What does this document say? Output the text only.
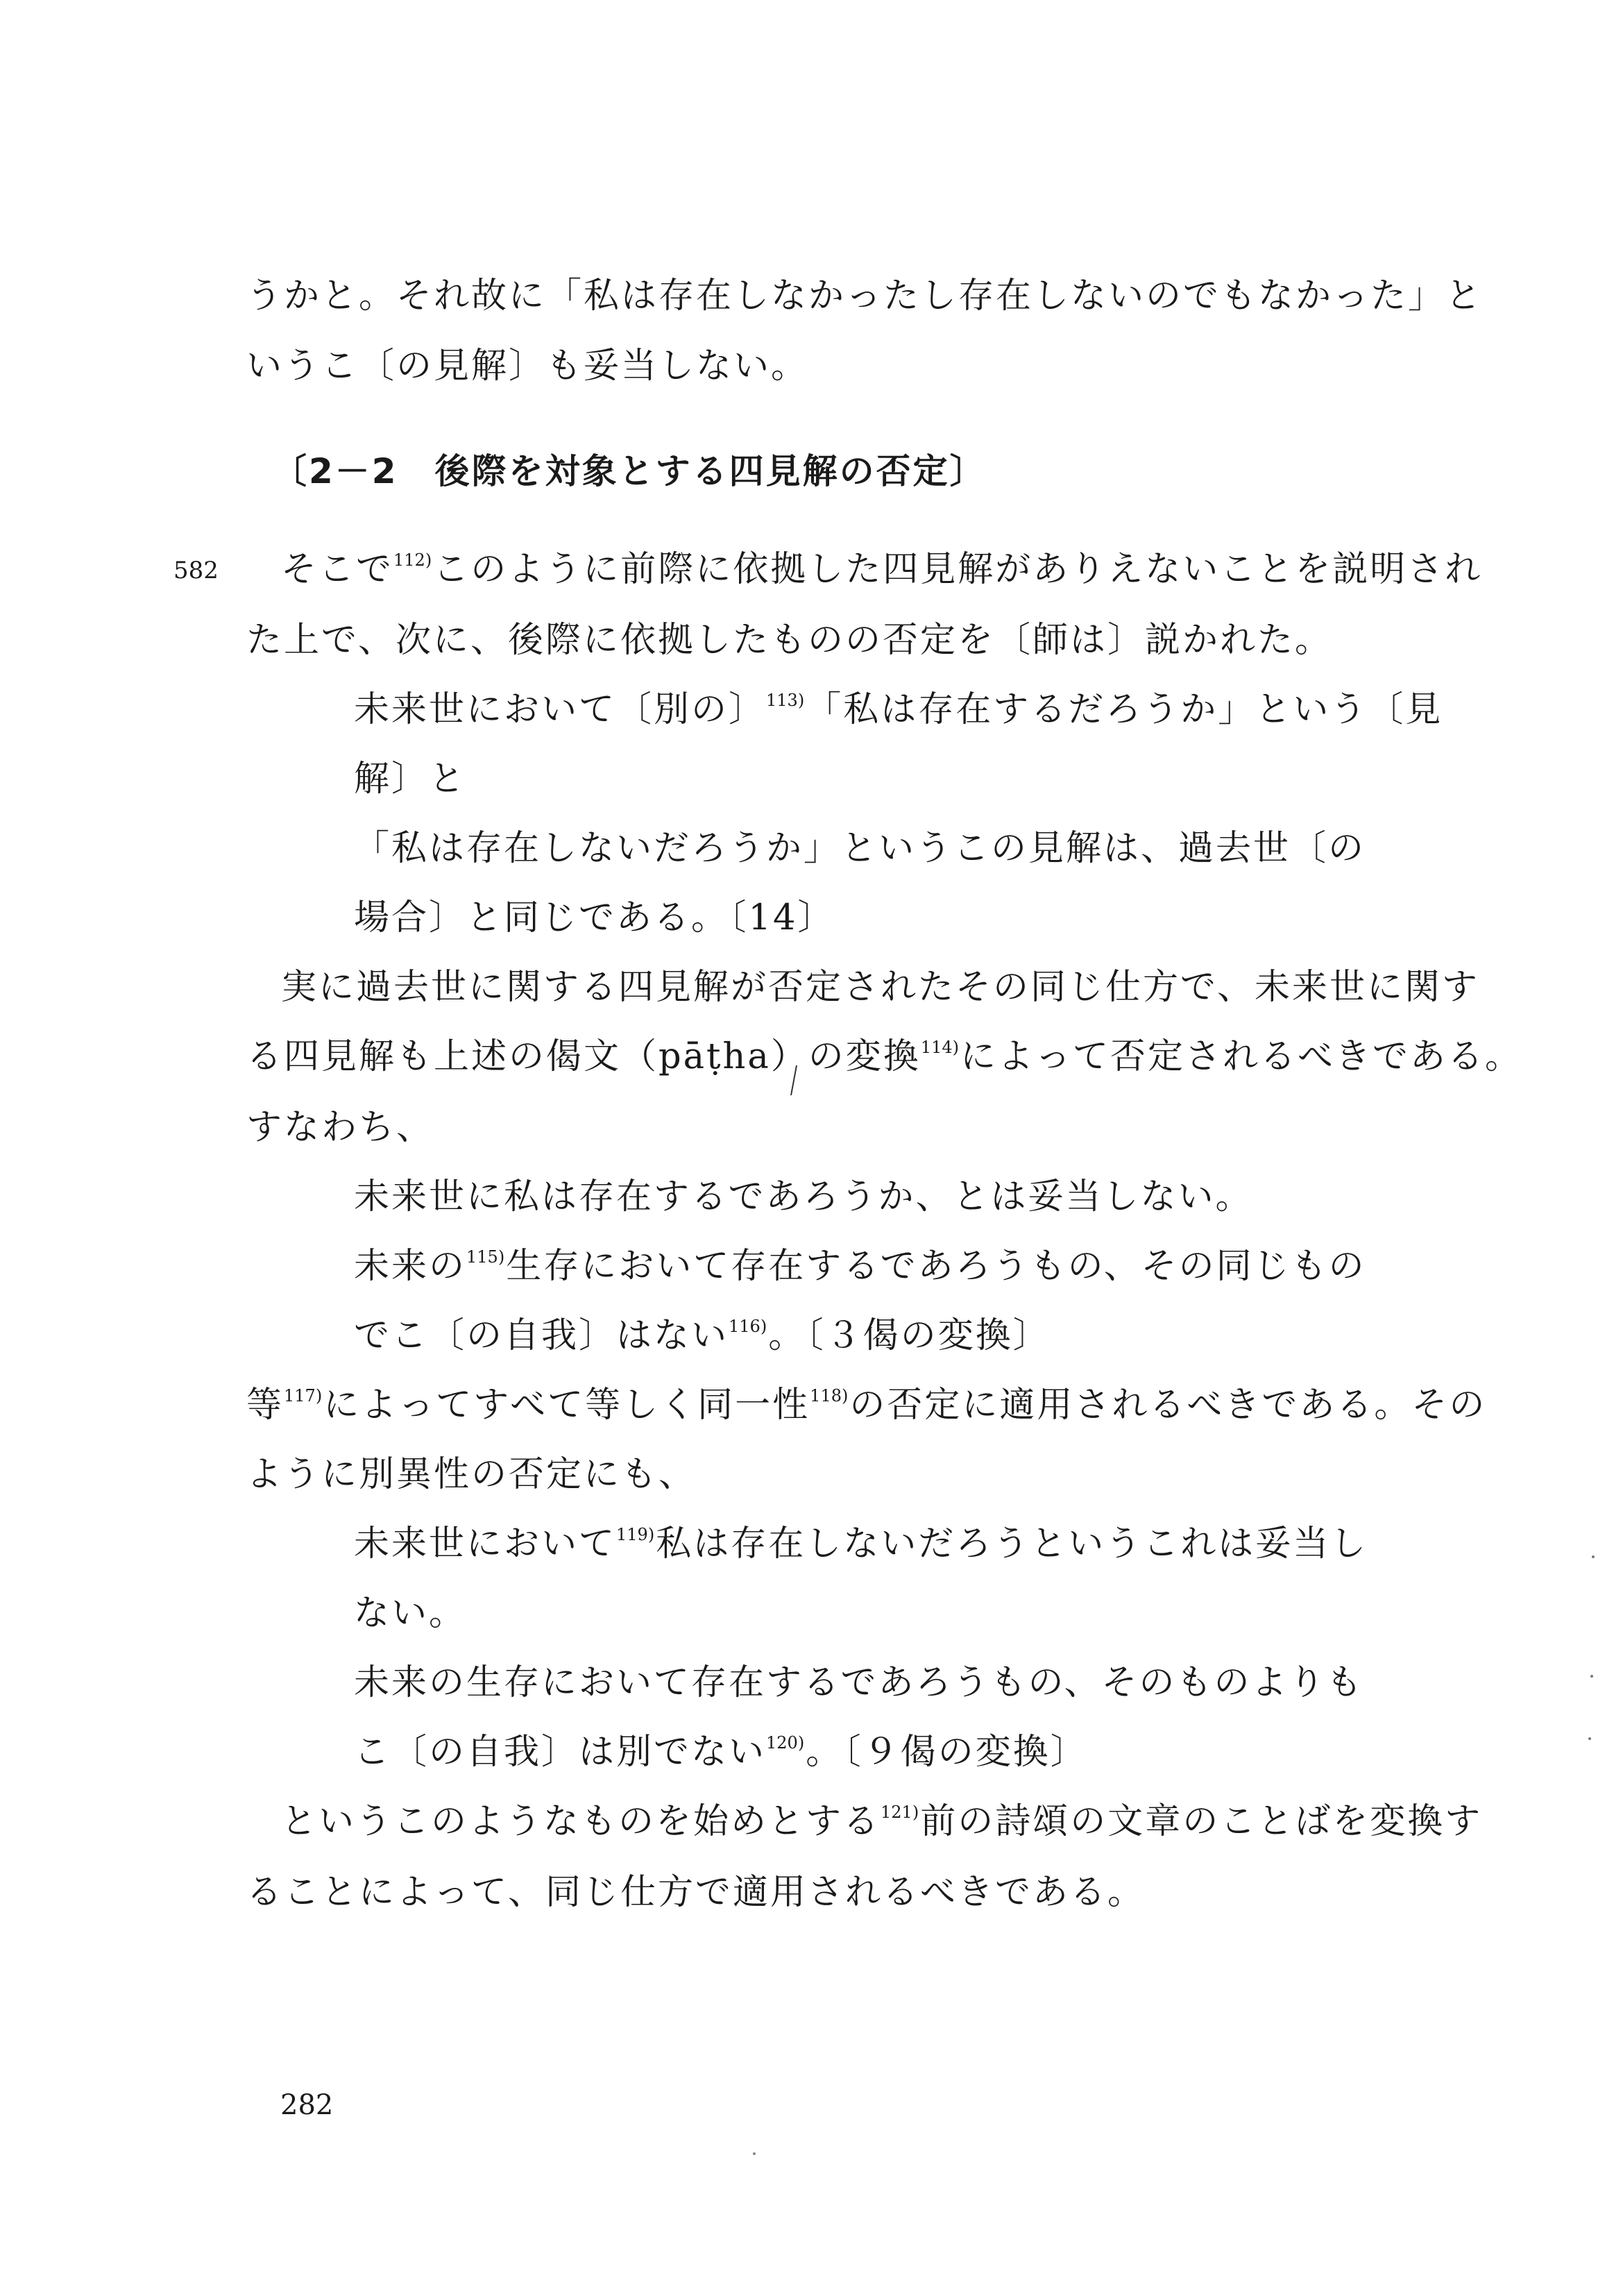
うかと。それ故に「私は存在しなかったし存在しないのでもなかった」と
いうこ〔の見解〕も妥当しない。
〔2－2　後際を対象とする四見解の否定〕
582 そこで$^{112)}$このように前際に依拠した四見解がありえないことを説明され
た上で、次に、後際に依拠したものの否定を〔師は〕説かれた。
未来世において〔別の〕$^{113)}$「私は存在するだろうか」という〔見
解〕と
「私は存在しないだろうか」というこの見解は、過去世〔の
場合〕と同じである。〔14〕
実に過去世に関する四見解が否定されたその同じ仕方で、未来世に関す
る四見解も上述の偈文（pāṭha）の変換$^{114)}$によって否定されるべきである。
すなわち、
未来世に私は存在するであろうか、とは妥当しない。
未来の$^{115)}$生存において存在するであろうもの、その同じもの
でこ〔の自我〕はない$^{116)}$。〔３偈の変換〕
等$^{117)}$によってすべて等しく同一性$^{118)}$の否定に適用されるべきである。その
ように別異性の否定にも、
未来世において$^{119)}$私は存在しないだろうというこれは妥当し
ない。
未来の生存において存在するであろうもの、そのものよりも
こ〔の自我〕は別でない$^{120)}$。〔９偈の変換〕
というこのようなものを始めとする$^{121)}$前の詩頌の文章のことばを変換す
ることによって、同じ仕方で適用されるべきである。
282
